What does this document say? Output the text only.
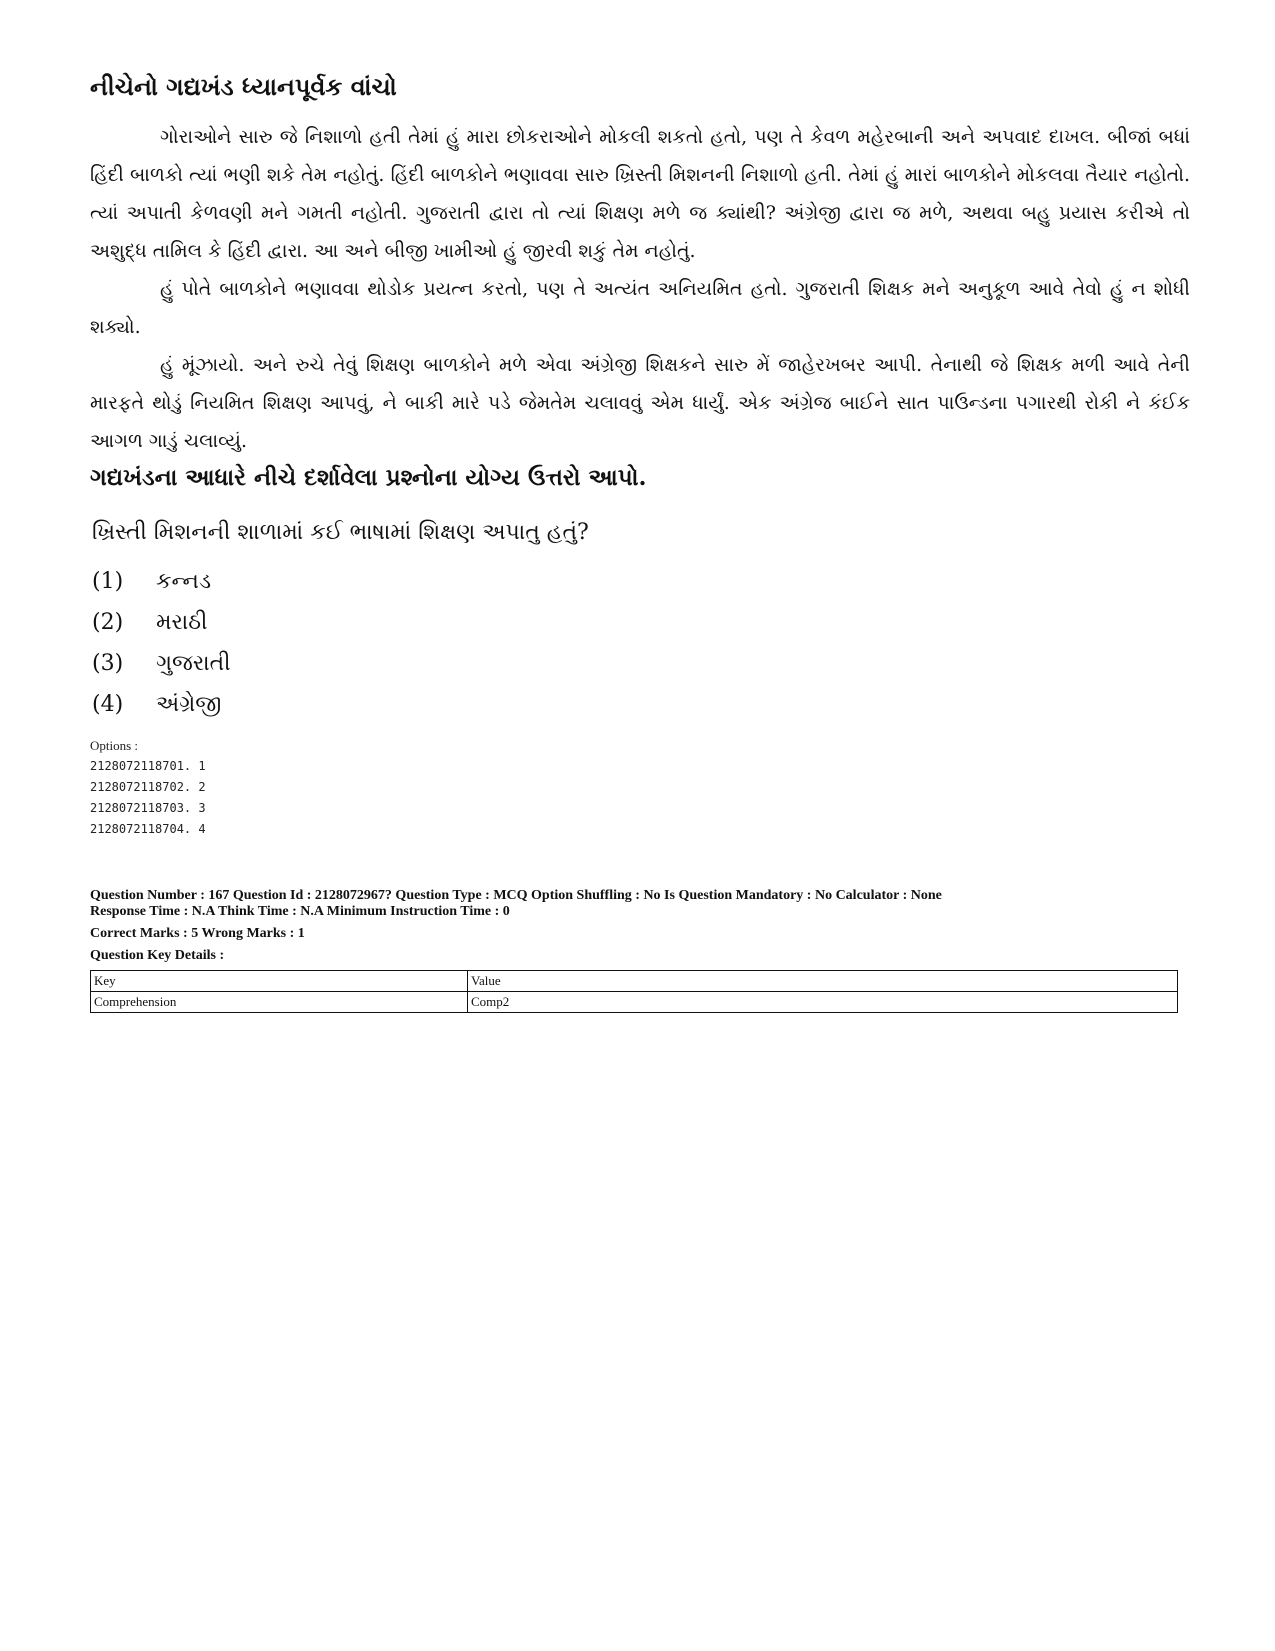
નીચેનો ગદ્યખંડ ધ્યાનપૂર્વક વાંચો

ગોરાઓને સારુ જે નિશાળો હતી તેમાં હું મારા છોકરાઓને મોકલી શકતો હતો, પણ તે કેવળ મહેરબાની અને અપવાદ દાખલ. બીજાં બધાં હિંદી બાળકો ત્યાં ભણી શકે તેમ નહોતું. હિંદી બાળકોને ભણાવવા સારુ ખ્રિસ્તી મિશનની નિશાળો હતી. તેમાં હું મારાં બાળકોને મોકલવા તૈયાર નહોતો. ત્યાં અપાતી કેળવણી મને ગમતી નહોતી. ગુજરાતી દ્વારા તો ત્યાં શિક્ષણ મળે જ ક્યાંથી? અંગ્રેજી દ્વારા જ મળે, અથવા બહુ પ્રયાસ કરીએ તો અશુદ્ધ તામિલ કે હિંદી દ્વારા. આ અને બીજી ખામીઓ હું જીરવી શકું તેમ નહોતું.

હું પોતે બાળકોને ભણાવવા થોડોક પ્રયત્ન કરતો, પણ તે અત્યંત અનિયમિત હતો. ગુજરાતી શિક્ષક મને અનુકૂળ આવે તેવો હું ન શોધી શક્યો.

હું મૂંઝાયો. અને રુચે તેવું શિક્ષણ બાળકોને મળે એવા અંગ્રેજી શિક્ષકને સારુ મેં જાહેરખબર આપી. તેનાથી જે શિક્ષક મળી આવે તેની મારફતે થોડું નિયમિત શિક્ષણ આપવું, ને બાકી મારે પડે જેમતેમ ચલાવવું એમ ધાર્યું. એક અંગ્રેજ બાઈને સાત પાઉન્ડના પગારથી રોકી ને કંઈક આગળ ગાડું ચલાવ્યું.

ગદ્યખંડના આધારે નીચે દર્શાવેલા પ્રશ્નોના યોગ્ય ઉત્તરો આપો.
ખ્રિસ્તી મિશનની શાળામાં કઈ ભાષામાં શિક્ષણ અપાતુ હતું?
(1)	કન્નડ
(2)	મરાઠી
(3)	ગુજરાતી
(4)	અંગ્રેજી
Options :
2128072118701. 1
2128072118702. 2
2128072118703. 3
2128072118704. 4
Question Number : 167 Question Id : 2128072967? Question Type : MCQ Option Shuffling : No Is Question Mandatory : No Calculator : None
Response Time : N.A Think Time : N.A Minimum Instruction Time : 0
Correct Marks : 5 Wrong Marks : 1
Question Key Details :
Key	Value
Comprehension	Comp2
